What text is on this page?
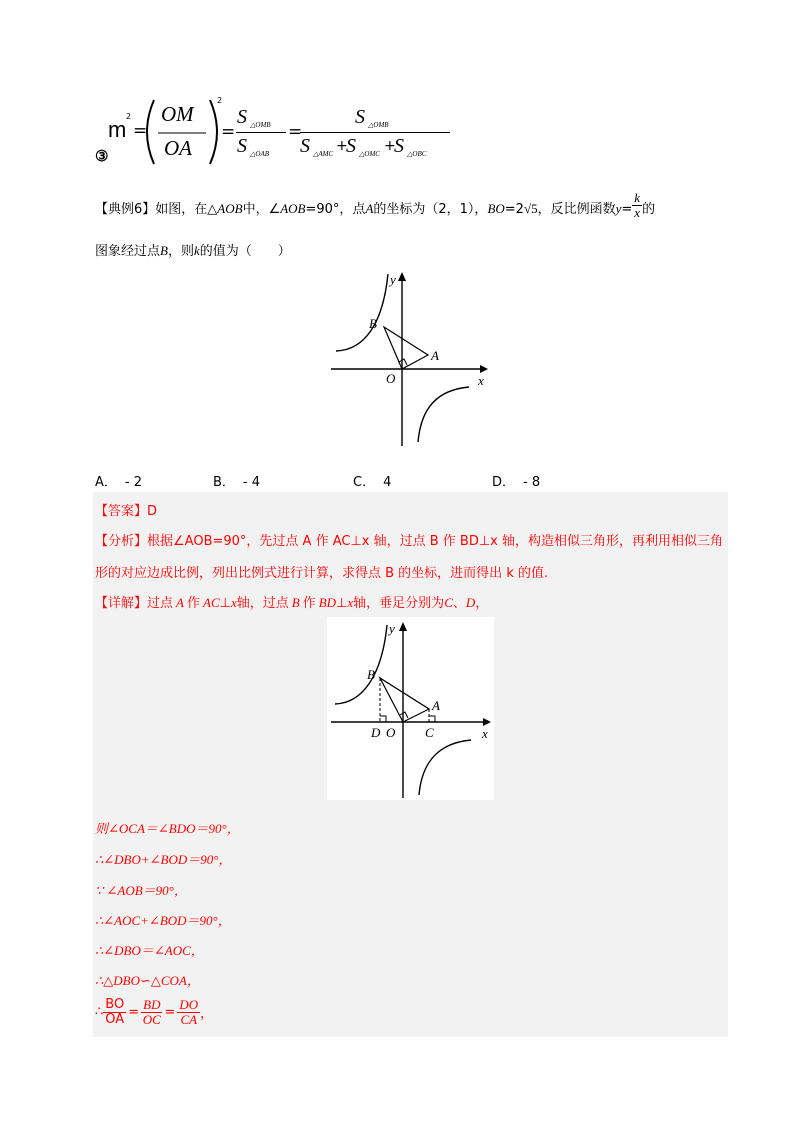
③
m
2
=
OM
OA
2
=
S △OMB
S △OAB
=
S △OMB
S △AMC +
S △OMC +
S △OBC
【典例6】如图，在△AOB中，∠AOB=90°，点A的坐标为（2，1），BO=2√5，反比例函数$y= \frac{k}{x}$ 的
图象经过点B，则k的值为（　　）
y
x
B
A
O
A． - 2	B． - 4	C． 4	D． - 8
【答案】D
【分析】根据∠AOB=90°，先过点 A 作 AC⊥x 轴，过点 B 作 BD⊥x 轴，构造相似三角形，再利用相似三角
形的对应边成比例，列出比例式进行计算，求得点 B 的坐标，进而得出 k 的值.
【详解】过点 A 作 AC⊥x轴，过点 B 作 BD⊥x轴，垂足分别为C、D，
y
x
B
A
D O C
则∠OCA＝∠BDO＝90°，
∴∠DBO+∠BOD＝90°，
∵ ∠AOB＝90°，
∴∠AOC+∠BOD＝90°，
∴∠DBO＝∠AOC，
∴△DBO∽△COA，
∴ $\frac{BO}{OA} = \frac{BD}{OC} = \frac{DO}{CA}$ ，
